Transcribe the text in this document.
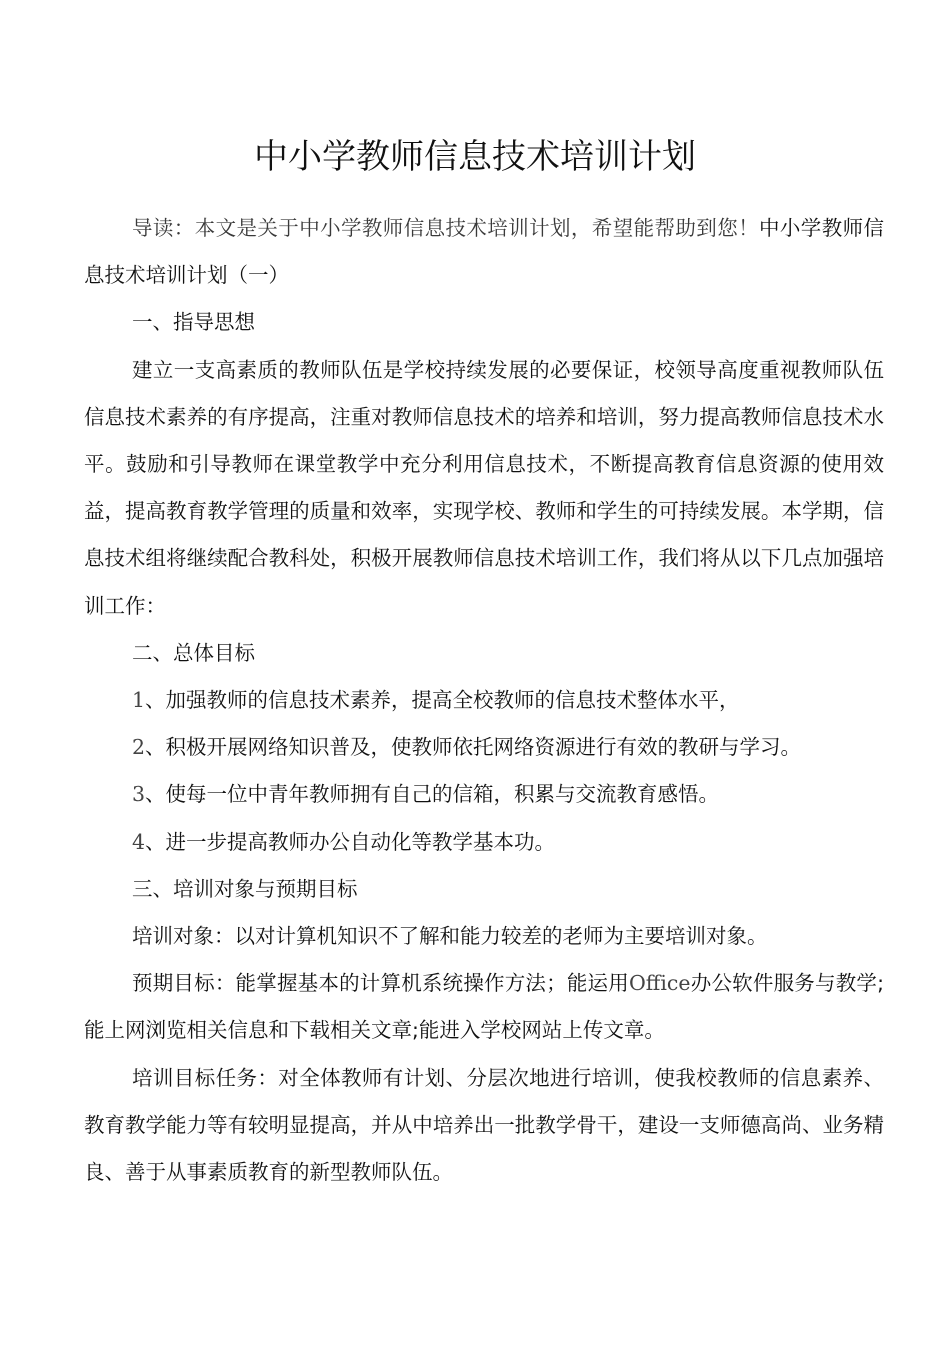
中小学教师信息技术培训计划

导读：本文是关于中小学教师信息技术培训计划，希望能帮助到您！中小学教师信息技术培训计划（一）

一、指导思想

建立一支高素质的教师队伍是学校持续发展的必要保证，校领导高度重视教师队伍信息技术素养的有序提高，注重对教师信息技术的培养和培训，努力提高教师信息技术水平。鼓励和引导教师在课堂教学中充分利用信息技术，不断提高教育信息资源的使用效益，提高教育教学管理的质量和效率，实现学校、教师和学生的可持续发展。本学期，信息技术组将继续配合教科处，积极开展教师信息技术培训工作，我们将从以下几点加强培训工作：

二、总体目标

1、加强教师的信息技术素养，提高全校教师的信息技术整体水平，

2、积极开展网络知识普及，使教师依托网络资源进行有效的教研与学习。

3、使每一位中青年教师拥有自己的信箱，积累与交流教育感悟。

4、进一步提高教师办公自动化等教学基本功。

三、培训对象与预期目标

培训对象：以对计算机知识不了解和能力较差的老师为主要培训对象。

预期目标：能掌握基本的计算机系统操作方法；能运用Office办公软件服务与教学;能上网浏览相关信息和下载相关文章;能进入学校网站上传文章。

培训目标任务：对全体教师有计划、分层次地进行培训，使我校教师的信息素养、教育教学能力等有较明显提高，并从中培养出一批教学骨干，建设一支师德高尚、业务精良、善于从事素质教育的新型教师队伍。
